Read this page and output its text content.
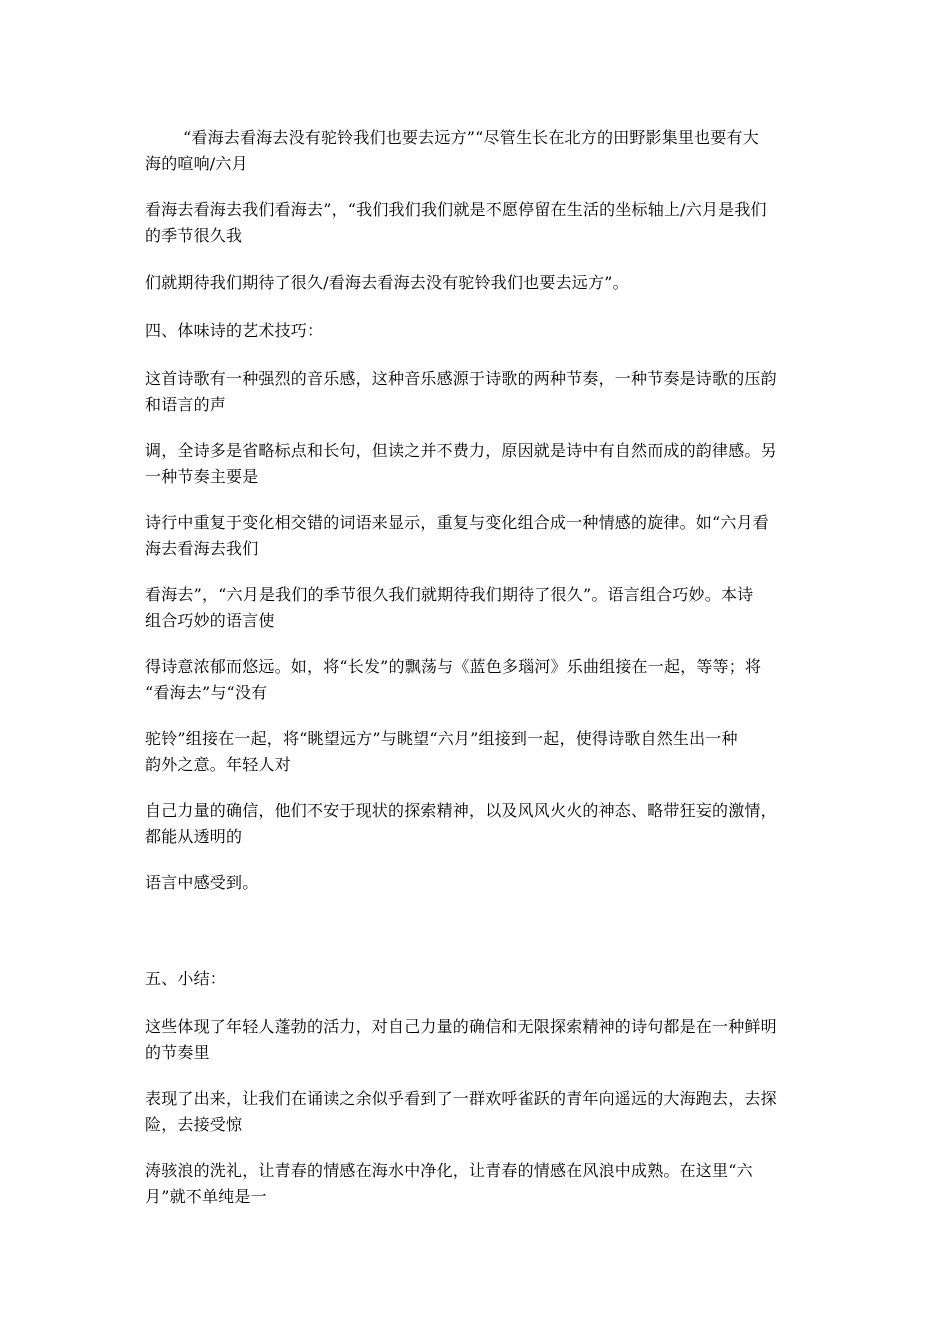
“看海去看海去没有驼铃我们也要去远方”“尽管生长在北方的田野影集里也要有大
海的喧响/六月

看海去看海去我们看海去”，“我们我们我们就是不愿停留在生活的坐标轴上/六月是我们
的季节很久我

们就期待我们期待了很久/看海去看海去没有驼铃我们也要去远方”。

四、体味诗的艺术技巧：

这首诗歌有一种强烈的音乐感，这种音乐感源于诗歌的两种节奏，一种节奏是诗歌的压韵
和语言的声

调，全诗多是省略标点和长句，但读之并不费力，原因就是诗中有自然而成的韵律感。另
一种节奏主要是

诗行中重复于变化相交错的词语来显示，重复与变化组合成一种情感的旋律。如“六月看
海去看海去我们

看海去”，“六月是我们的季节很久我们就期待我们期待了很久”。语言组合巧妙。本诗
组合巧妙的语言使

得诗意浓郁而悠远。如，将“长发”的飘荡与《蓝色多瑙河》乐曲组接在一起，等等；将
“看海去”与“没有

驼铃”组接在一起，将“眺望远方”与眺望“六月”组接到一起，使得诗歌自然生出一种
韵外之意。年轻人对

自己力量的确信，他们不安于现状的探索精神，以及风风火火的神态、略带狂妄的激情，
都能从透明的

语言中感受到。

五、小结：

这些体现了年轻人蓬勃的活力，对自己力量的确信和无限探索精神的诗句都是在一种鲜明
的节奏里

表现了出来，让我们在诵读之余似乎看到了一群欢呼雀跃的青年向遥远的大海跑去，去探
险，去接受惊

涛骇浪的洗礼，让青春的情感在海水中净化，让青春的情感在风浪中成熟。在这里“六
月”就不单纯是一
